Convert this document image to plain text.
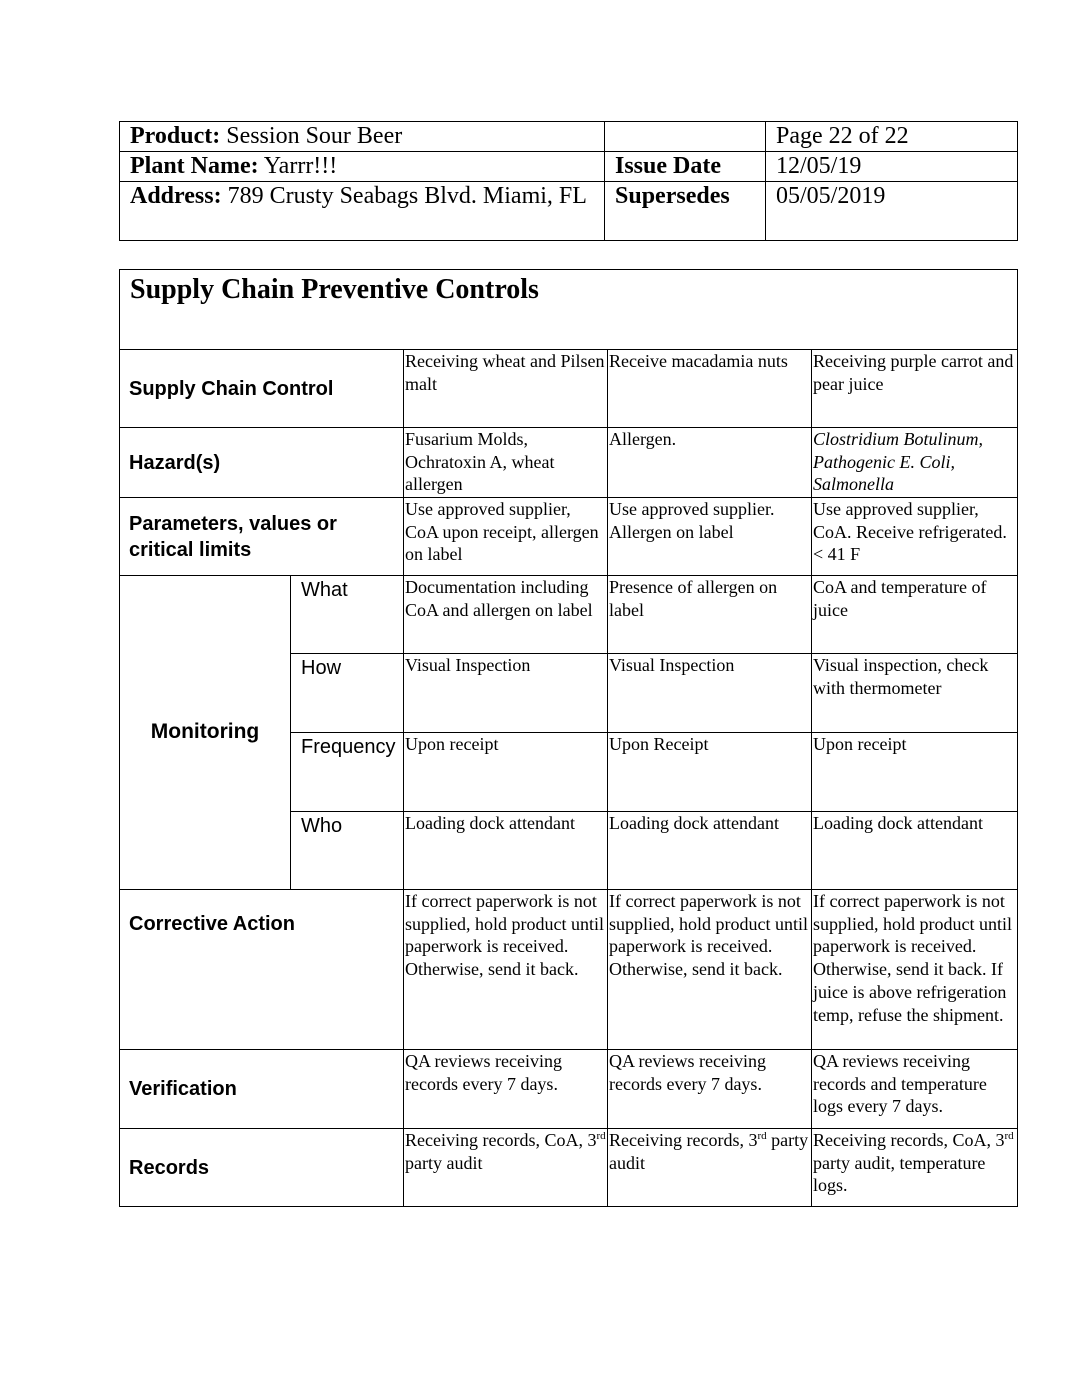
Product: Session Sour Beer		Page 22 of 22
Plant Name: Yarrr!!!	Issue Date	12/05/19
Address: 789 Crusty Seabags Blvd. Miami, FL	Supersedes	05/05/2019
Supply Chain Preventive Controls				
Supply Chain Control		Receiving wheat and Pilsen malt	Receive macadamia nuts	Receiving purple carrot and pear juice
Hazard(s)		Fusarium Molds, Ochratoxin A, wheat allergen	Allergen.	Clostridium Botulinum, Pathogenic E. Coli, Salmonella
Parameters, values or critical limits		Use approved supplier, CoA upon receipt, allergen on label	Use approved supplier. Allergen on label	Use approved supplier, CoA. Receive refrigerated. < 41 F
Monitoring	What	Documentation including CoA and allergen on label	Presence of allergen on label	CoA and temperature of juice
	How	Visual Inspection	Visual Inspection	Visual inspection, check with thermometer
	Frequency	Upon receipt	Upon Receipt	Upon receipt
	Who	Loading dock attendant	Loading dock attendant	Loading dock attendant
Corrective Action		If correct paperwork is not supplied, hold product until paperwork is received. Otherwise, send it back.	If correct paperwork is not supplied, hold product until paperwork is received. Otherwise, send it back.	If correct paperwork is not supplied, hold product until paperwork is received. Otherwise, send it back. If juice is above refrigeration temp, refuse the shipment.
Verification		QA reviews receiving records every 7 days.	QA reviews receiving records every 7 days.	QA reviews receiving records and temperature logs every 7 days.
Records		Receiving records, CoA, 3rd party audit	Receiving records, 3rd party audit	Receiving records, CoA, 3rd party audit, temperature logs.
